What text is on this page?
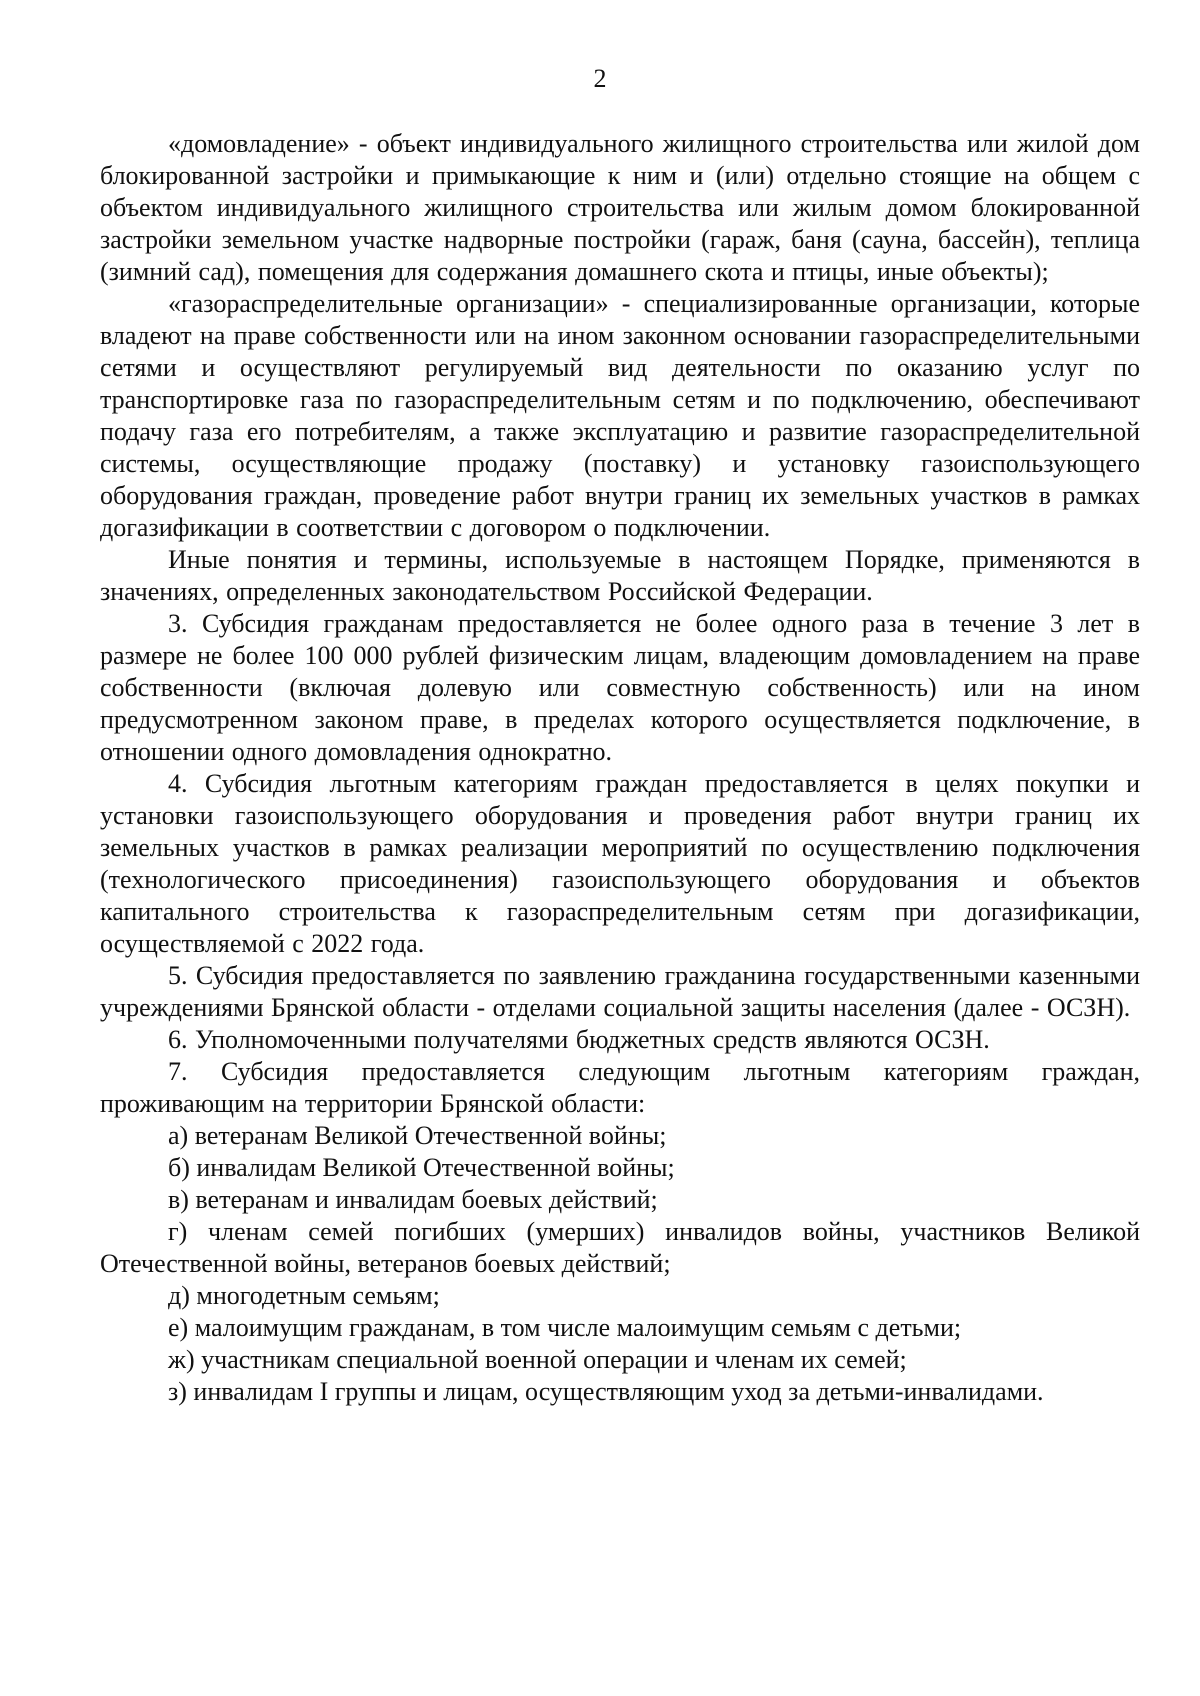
2

«домовладение» - объект индивидуального жилищного строительства или жилой дом блокированной застройки и примыкающие к ним и (или) отдельно стоящие на общем с объектом индивидуального жилищного строительства или жилым домом блокированной застройки земельном участке надворные постройки (гараж, баня (сауна, бассейн), теплица (зимний сад), помещения для содержания домашнего скота и птицы, иные объекты);

«газораспределительные организации» - специализированные организации, которые владеют на праве собственности или на ином законном основании газораспределительными сетями и осуществляют регулируемый вид деятельности по оказанию услуг по транспортировке газа по газораспределительным сетям и по подключению, обеспечивают подачу газа его потребителям, а также эксплуатацию и развитие газораспределительной системы, осуществляющие продажу (поставку) и установку газоиспользующего оборудования граждан, проведение работ внутри границ их земельных участков в рамках догазификации в соответствии с договором о подключении.

Иные понятия и термины, используемые в настоящем Порядке, применяются в значениях, определенных законодательством Российской Федерации.

3. Субсидия гражданам предоставляется не более одного раза в течение 3 лет в размере не более 100 000 рублей физическим лицам, владеющим домовладением на праве собственности (включая долевую или совместную собственность) или на ином предусмотренном законом праве, в пределах которого осуществляется подключение, в отношении одного домовладения однократно.

4. Субсидия льготным категориям граждан предоставляется в целях покупки и установки газоиспользующего оборудования и проведения работ внутри границ их земельных участков в рамках реализации мероприятий по осуществлению подключения (технологического присоединения) газоиспользующего оборудования и объектов капитального строительства к газораспределительным сетям при догазификации, осуществляемой с 2022 года.

5. Субсидия предоставляется по заявлению гражданина государственными казенными учреждениями Брянской области - отделами социальной защиты населения (далее - ОСЗН).

6. Уполномоченными получателями бюджетных средств являются ОСЗН.

7. Субсидия предоставляется следующим льготным категориям граждан, проживающим на территории Брянской области:

а) ветеранам Великой Отечественной войны;

б) инвалидам Великой Отечественной войны;

в) ветеранам и инвалидам боевых действий;

г) членам семей погибших (умерших) инвалидов войны, участников Великой Отечественной войны, ветеранов боевых действий;

д) многодетным семьям;

е) малоимущим гражданам, в том числе малоимущим семьям с детьми;

ж) участникам специальной военной операции и членам их семей;

з) инвалидам I группы и лицам, осуществляющим уход за детьми-инвалидами.
